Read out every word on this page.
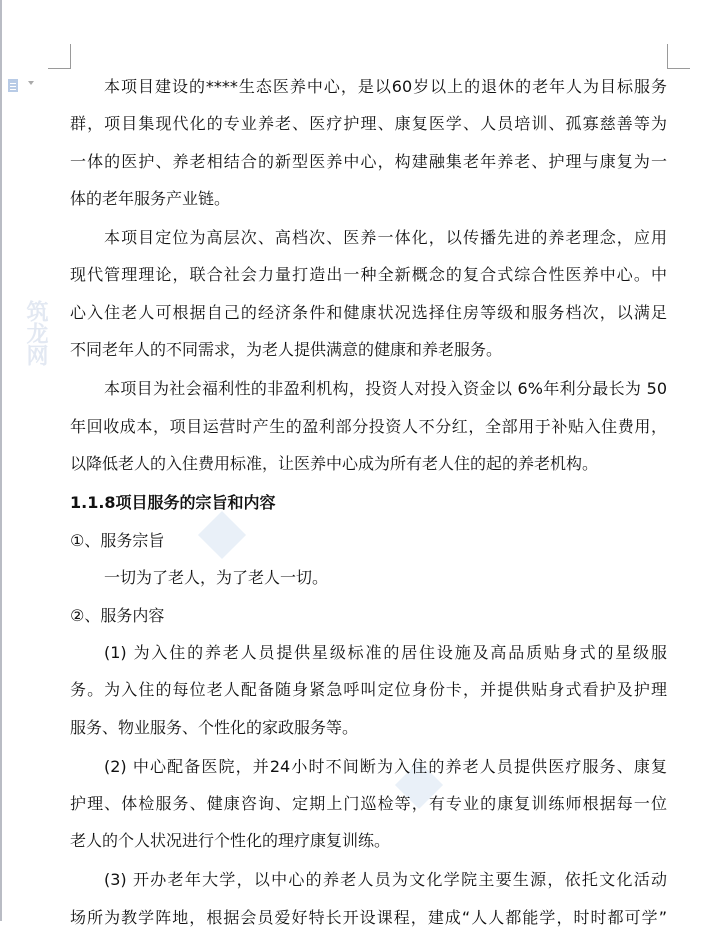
筑龙网
本项目建设的****生态医养中心，是以60岁以上的退休的老年人为目标服务
群，项目集现代化的专业养老、医疗护理、康复医学、人员培训、孤寡慈善等为
一体的医护、养老相结合的新型医养中心，构建融集老年养老、护理与康复为一
体的老年服务产业链。
本项目定位为高层次、高档次、医养一体化，以传播先进的养老理念，应用
现代管理理论，联合社会力量打造出一种全新概念的复合式综合性医养中心。中
心入住老人可根据自己的经济条件和健康状况选择住房等级和服务档次，以满足
不同老年人的不同需求，为老人提供满意的健康和养老服务。
本项目为社会福利性的非盈利机构，投资人对投入资金以 6%年利分最长为 50
年回收成本，项目运营时产生的盈利部分投资人不分红，全部用于补贴入住费用，
以降低老人的入住费用标准，让医养中心成为所有老人住的起的养老机构。
1.1.8项目服务的宗旨和内容
①、服务宗旨
一切为了老人，为了老人一切。
②、服务内容
(1) 为入住的养老人员提供星级标准的居住设施及高品质贴身式的星级服
务。为入住的每位老人配备随身紧急呼叫定位身份卡，并提供贴身式看护及护理
服务、物业服务、个性化的家政服务等。
(2) 中心配备医院，并24小时不间断为入住的养老人员提供医疗服务、康复
护理、体检服务、健康咨询、定期上门巡检等，有专业的康复训练师根据每一位
老人的个人状况进行个性化的理疗康复训练。
(3) 开办老年大学，以中心的养老人员为文化学院主要生源，依托文化活动
场所为教学阵地，根据会员爱好特长开设课程，建成“人人都能学，时时都可学”
